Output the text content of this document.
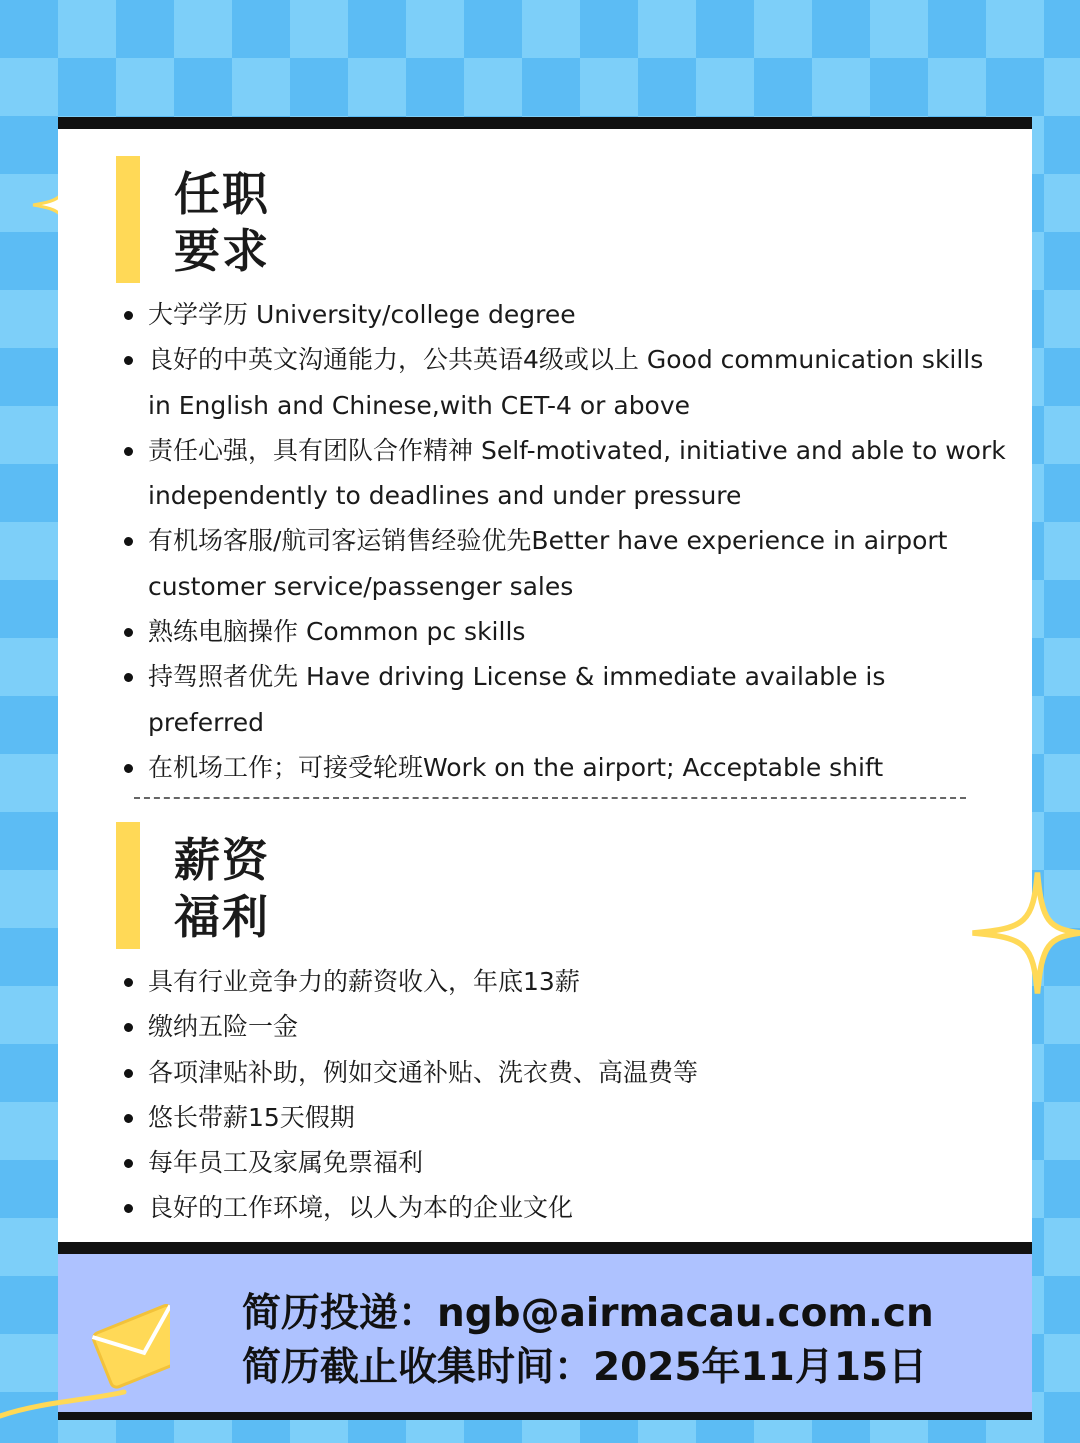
任职
要求
大学学历 University/college degree
良好的中英文沟通能力，公共英语4级或以上 Good communication skills in English and Chinese,with CET-4 or above
责任心强，具有团队合作精神 Self-motivated, initiative and able to work independently to deadlines and under pressure
有机场客服/航司客运销售经验优先Better have experience in airport customer service/passenger sales
熟练电脑操作 Common pc skills
持驾照者优先 Have driving License & immediate available is preferred
在机场工作；可接受轮班Work on the airport; Acceptable shift
薪资
福利
具有行业竞争力的薪资收入，年底13薪
缴纳五险一金
各项津贴补助，例如交通补贴、洗衣费、高温费等
悠长带薪15天假期
每年员工及家属免票福利
良好的工作环境，以人为本的企业文化
简历投递：ngb@airmacau.com.cn
简历截止收集时间：2025年11月15日
